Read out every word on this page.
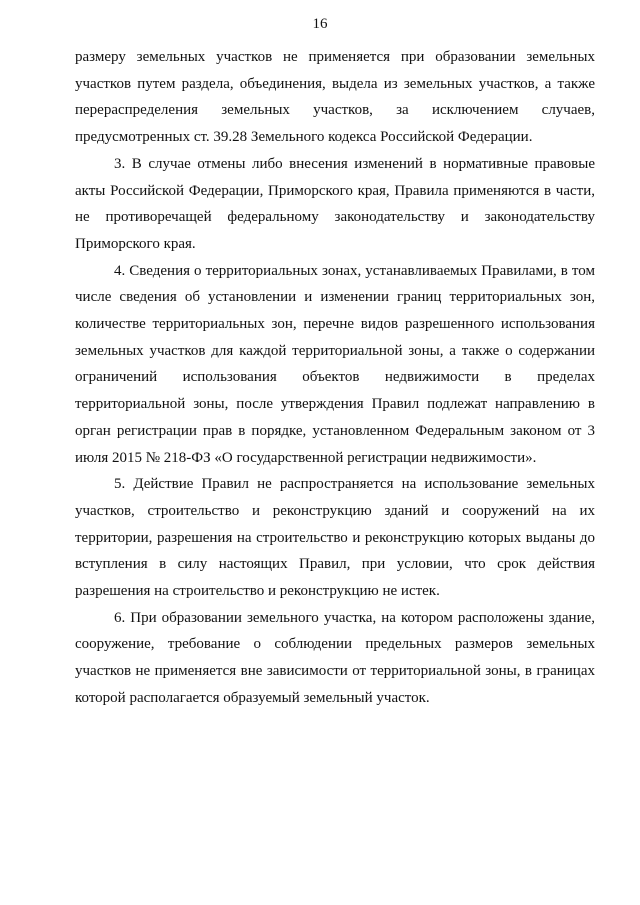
16

размеру земельных участков не применяется при образовании земельных участков путем раздела, объединения, выдела из земельных участков, а также перераспределения земельных участков, за исключением случаев, предусмотренных ст. 39.28 Земельного кодекса Российской Федерации.

3. В случае отмены либо внесения изменений в нормативные правовые акты Российской Федерации, Приморского края, Правила применяются в части, не противоречащей федеральному законодательству и законодательству Приморского края.

4. Сведения о территориальных зонах, устанавливаемых Правилами, в том числе сведения об установлении и изменении границ территориальных зон, количестве территориальных зон, перечне видов разрешенного использования земельных участков для каждой территориальной зоны, а также о содержании ограничений использования объектов недвижимости в пределах территориальной зоны, после утверждения Правил подлежат направлению в орган регистрации прав в порядке, установленном Федеральным законом от 3 июля 2015 № 218-ФЗ «О государственной регистрации недвижимости».

5. Действие Правил не распространяется на использование земельных участков, строительство и реконструкцию зданий и сооружений на их территории, разрешения на строительство и реконструкцию которых выданы до вступления в силу настоящих Правил, при условии, что срок действия разрешения на строительство и реконструкцию не истек.

6. При образовании земельного участка, на котором расположены здание, сооружение, требование о соблюдении предельных размеров земельных участков не применяется вне зависимости от территориальной зоны, в границах которой располагается образуемый земельный участок.
